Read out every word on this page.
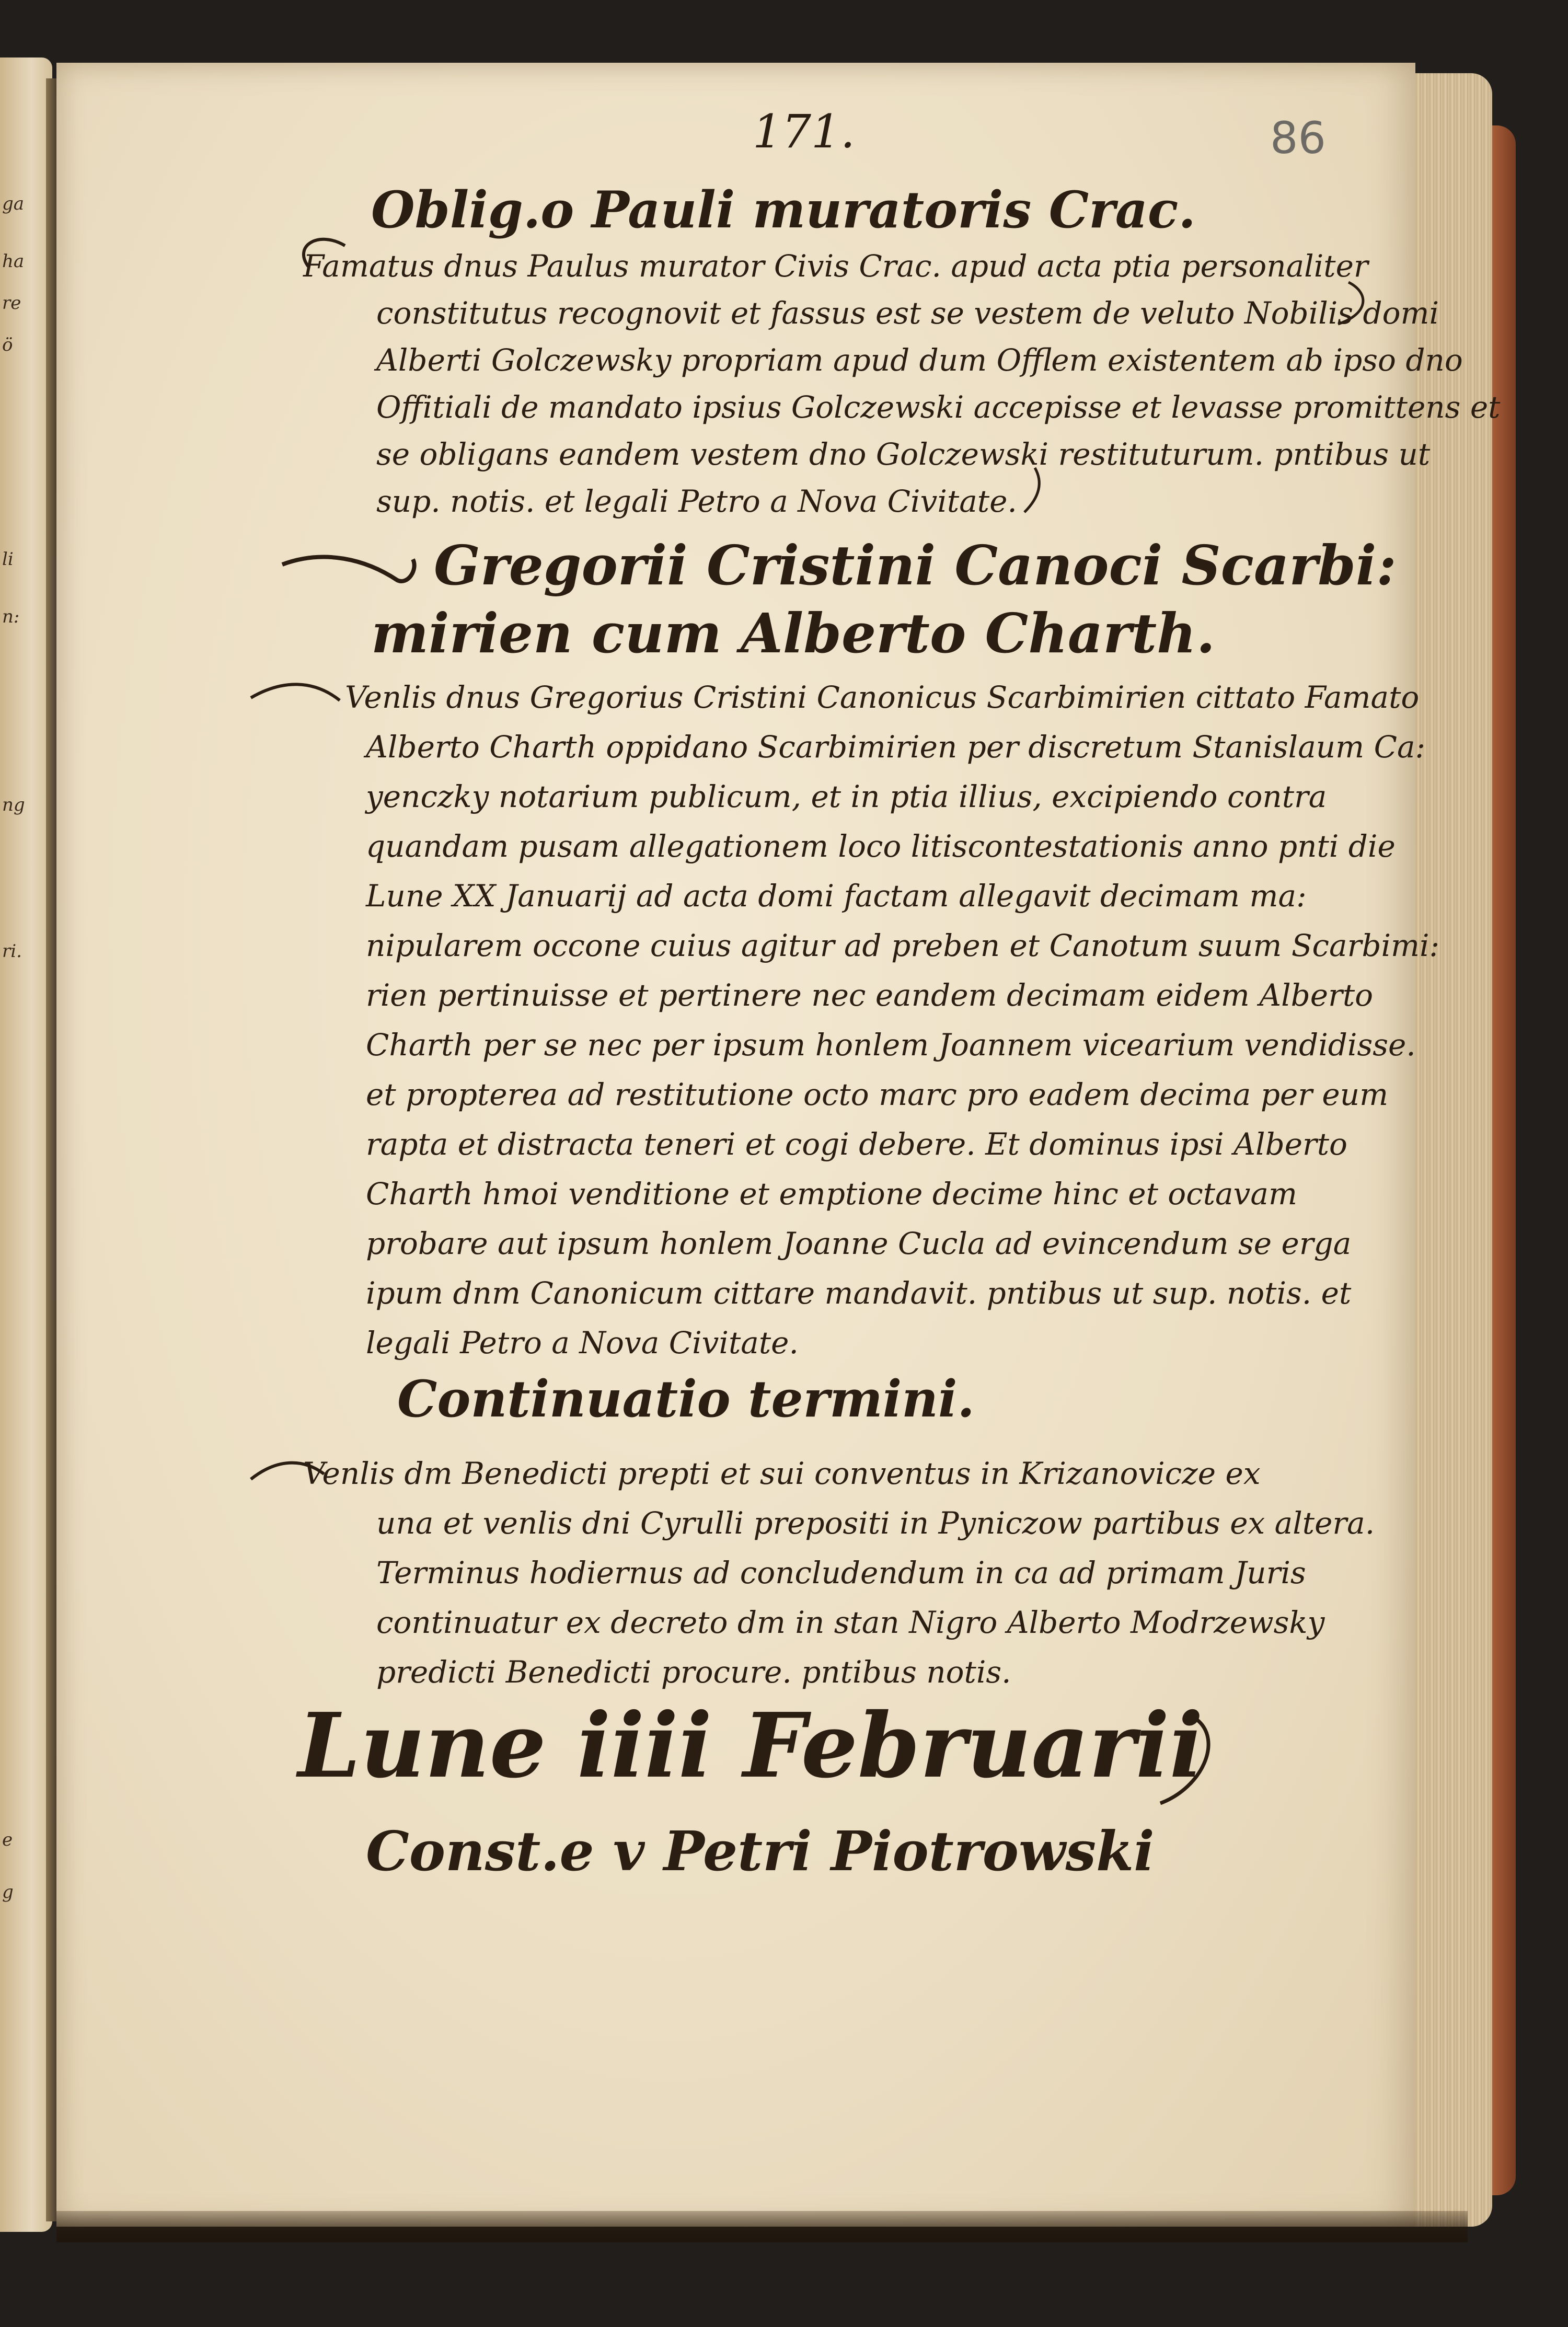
ga
ha
re
ö
li
n:
ng
ri.
e
g
171.	86
Oblig.o Pauli muratoris Crac.
Famatus dnus Paulus murator Civis Crac. apud acta ptia personaliter
constitutus recognovit et fassus est se vestem de veluto Nobilis domi
Alberti Golczewsky propriam apud dum Offlem existentem ab ipso dno
Offitiali de mandato ipsius Golczewski accepisse et levasse promittens et
se obligans eandem vestem dno Golczewski restituturum. pntibus ut
sup. notis. et legali Petro a Nova Civitate.
Gregorii Cristini Canoci Scarbi:
mirien cum Alberto Charth.
Venlis dnus Gregorius Cristini Canonicus Scarbimirien cittato Famato
Alberto Charth oppidano Scarbimirien per discretum Stanislaum Ca:
yenczky notarium publicum, et in ptia illius, excipiendo contra
quandam pusam allegationem loco litiscontestationis anno pnti die
Lune XX Januarij ad acta domi factam allegavit decimam ma:
nipularem occone cuius agitur ad preben et Canotum suum Scarbimi:
rien pertinuisse et pertinere nec eandem decimam eidem Alberto
Charth per se nec per ipsum honlem Joannem vicearium vendidisse.
et propterea ad restitutione octo marc pro eadem decima per eum
rapta et distracta teneri et cogi debere. Et dominus ipsi Alberto
Charth hmoi venditione et emptione decime hinc et octavam
probare aut ipsum honlem Joanne Cucla ad evincendum se erga
ipum dnm Canonicum cittare mandavit. pntibus ut sup. notis. et
legali Petro a Nova Civitate.
Continuatio termini.
Venlis dm Benedicti prepti et sui conventus in Krizanovicze ex
una et venlis dni Cyrulli prepositi in Pyniczow partibus ex altera.
Terminus hodiernus ad concludendum in ca ad primam Juris
continuatur ex decreto dm in stan Nigro Alberto Modrzewsky
predicti Benedicti procure. pntibus notis.
Lune iiii Februarii
Const.e v Petri Piotrowski
